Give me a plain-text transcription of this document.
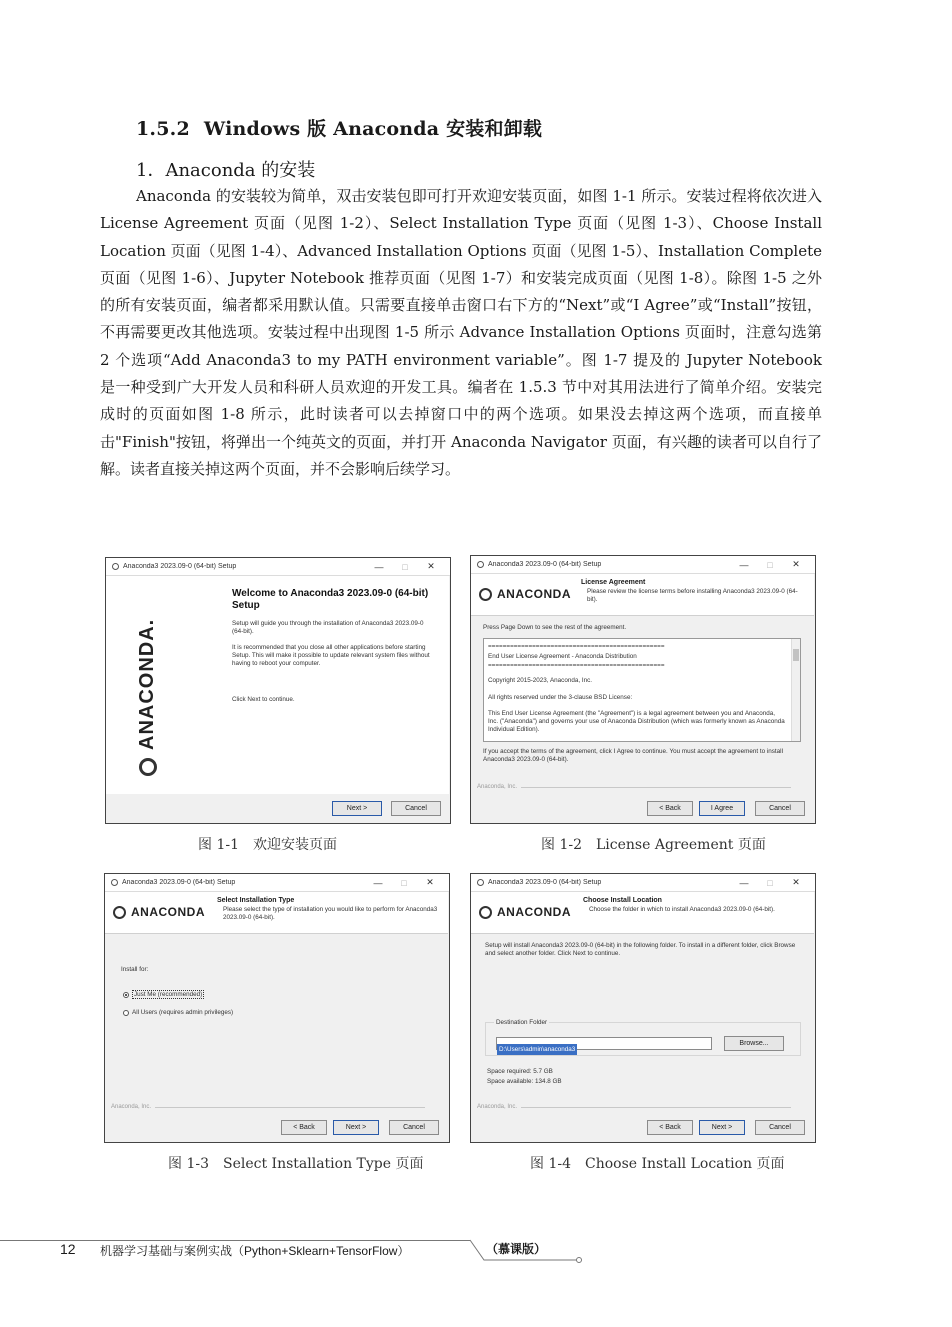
1.5.2 Windows 版 Anaconda 安装和卸载
1．Anaconda 的安装

Anaconda 的安装较为简单，双击安装包即可打开欢迎安装页面，如图 1-1 所示。安装过程将依次进入 License Agreement 页面（见图 1-2）、Select Installation Type 页面（见图 1-3）、Choose Install Location 页面（见图 1-4）、Advanced Installation Options 页面（见图 1-5）、Installation Complete 页面（见图 1-6）、Jupyter Notebook 推荐页面（见图 1-7）和安装完成页面（见图 1-8）。除图 1-5 之外的所有安装页面，编者都采用默认值。只需要直接单击窗口右下方的“Next”或“I Agree”或“Install”按钮，不再需要更改其他选项。安装过程中出现图 1-5 所示 Advance Installation Options 页面时，注意勾选第 2 个选项“Add Anaconda3 to my PATH environment variable”。图 1-7 提及的 Jupyter Notebook 是一种受到广大开发人员和科研人员欢迎的开发工具。编者在 1.5.3 节中对其用法进行了简单介绍。安装完成时的页面如图 1-8 所示，此时读者可以去掉窗口中的两个选项。如果没去掉这两个选项，而直接单击"Finish"按钮，将弹出一个纯英文的页面，并打开 Anaconda Navigator 页面，有兴趣的读者可以自行了解。读者直接关掉这两个页面，并不会影响后续学习。

Anaconda3 2023.09-0 (64-bit) Setup	—	□	✕
ANACONDA.
Welcome to Anaconda3 2023.09-0 (64-bit) Setup
Setup will guide you through the installation of Anaconda3 2023.09-0 (64-bit).
It is recommended that you close all other applications before starting Setup. This will make it possible to update relevant system files without having to reboot your computer.
Click Next to continue.
Next >	Cancel
图 1-1　欢迎安装页面
Anaconda3 2023.09-0 (64-bit) Setup	—	□	✕
ANACONDA
License Agreement
Please review the license terms before installing Anaconda3 2023.09-0 (64-bit).
Press Page Down to see the rest of the agreement.
================================================
End User License Agreement - Anaconda Distribution
================================================
Copyright 2015-2023, Anaconda, Inc.
All rights reserved under the 3-clause BSD License:
This End User License Agreement (the "Agreement") is a legal agreement between you and Anaconda, Inc. ("Anaconda") and governs your use of Anaconda Distribution (which was formerly known as Anaconda Individual Edition).
If you accept the terms of the agreement, click I Agree to continue. You must accept the agreement to install Anaconda3 2023.09-0 (64-bit).
Anaconda, Inc.
< Back	I Agree	Cancel
图 1-2　License Agreement 页面
Anaconda3 2023.09-0 (64-bit) Setup	—	□	✕
ANACONDA
Select Installation Type
Please select the type of installation you would like to perform for Anaconda3 2023.09-0 (64-bit).
Install for:
Just Me (recommended)
All Users (requires admin privileges)
Anaconda, Inc.
< Back	Next >	Cancel
图 1-3　Select Installation Type 页面
Anaconda3 2023.09-0 (64-bit) Setup	—	□	✕
ANACONDA
Choose Install Location
Choose the folder in which to install Anaconda3 2023.09-0 (64-bit).
Setup will install Anaconda3 2023.09-0 (64-bit) in the following folder. To install in a different folder, click Browse and select another folder. Click Next to continue.
Destination Folder
D:\Users\admin\anaconda3
Browse...
Space required: 5.7 GB
Space available: 134.8 GB
Anaconda, Inc.
< Back	Next >	Cancel
图 1-4　Choose Install Location 页面
12 机器学习基础与案例实战（Python+Sklearn+TensorFlow）	（慕课版）
